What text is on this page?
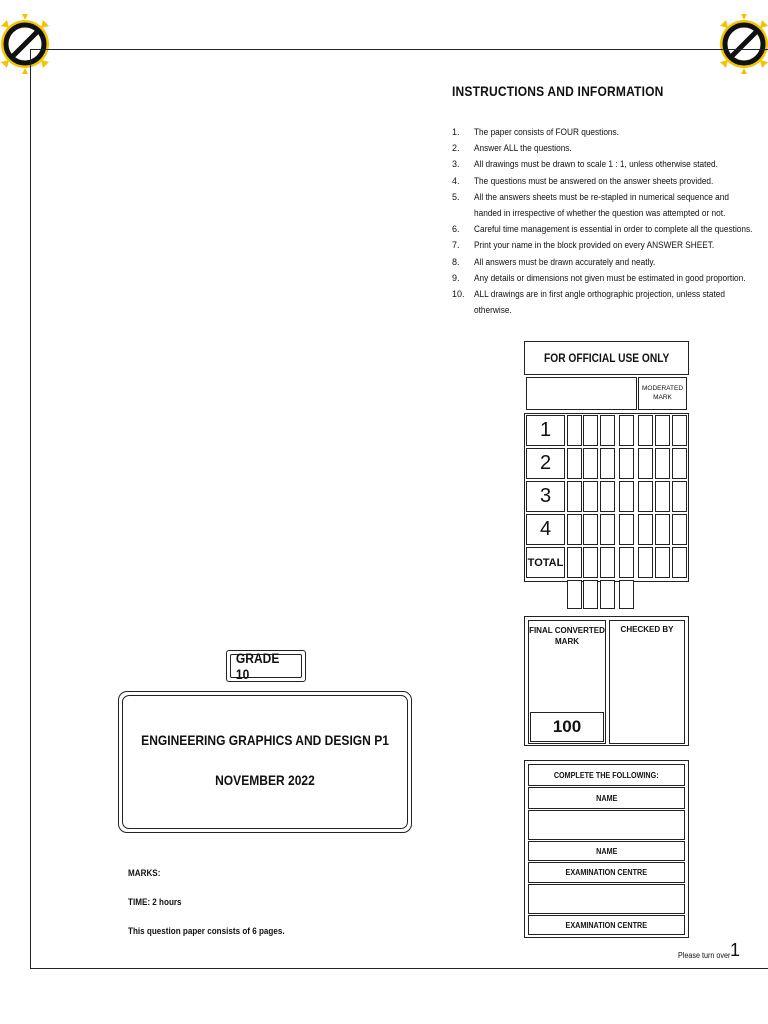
INSTRUCTIONS AND INFORMATION
1.	The paper consists of FOUR questions.
2.	Answer ALL the questions.
3.	All drawings must be drawn to scale 1 : 1, unless otherwise stated.
4.	The questions must be answered on the answer sheets provided.
5.	All the answers sheets must be re-stapled in numerical sequence and
handed in irrespective of whether the question was attempted or not.
6.	Careful time management is essential in order to complete all the questions.
7.	Print your name in the block provided on every ANSWER SHEET.
8.	All answers must be drawn accurately and neatly.
9.	Any details or dimensions not given must be estimated in good proportion.
10.	ALL drawings are in first angle orthographic projection, unless stated
otherwise.
FOR OFFICIAL USE ONLY
MODERATED
MARK
1
2
3
4
TOTAL
FINAL CONVERTED
MARK
CHECKED BY
100
COMPLETE THE FOLLOWING:
NAME
NAME
EXAMINATION CENTRE
EXAMINATION CENTRE
GRADE 10
ENGINEERING GRAPHICS AND DESIGN P1
NOVEMBER 2022
MARKS:
TIME: 2 hours
This question paper consists of 6 pages.
Please turn over 1
